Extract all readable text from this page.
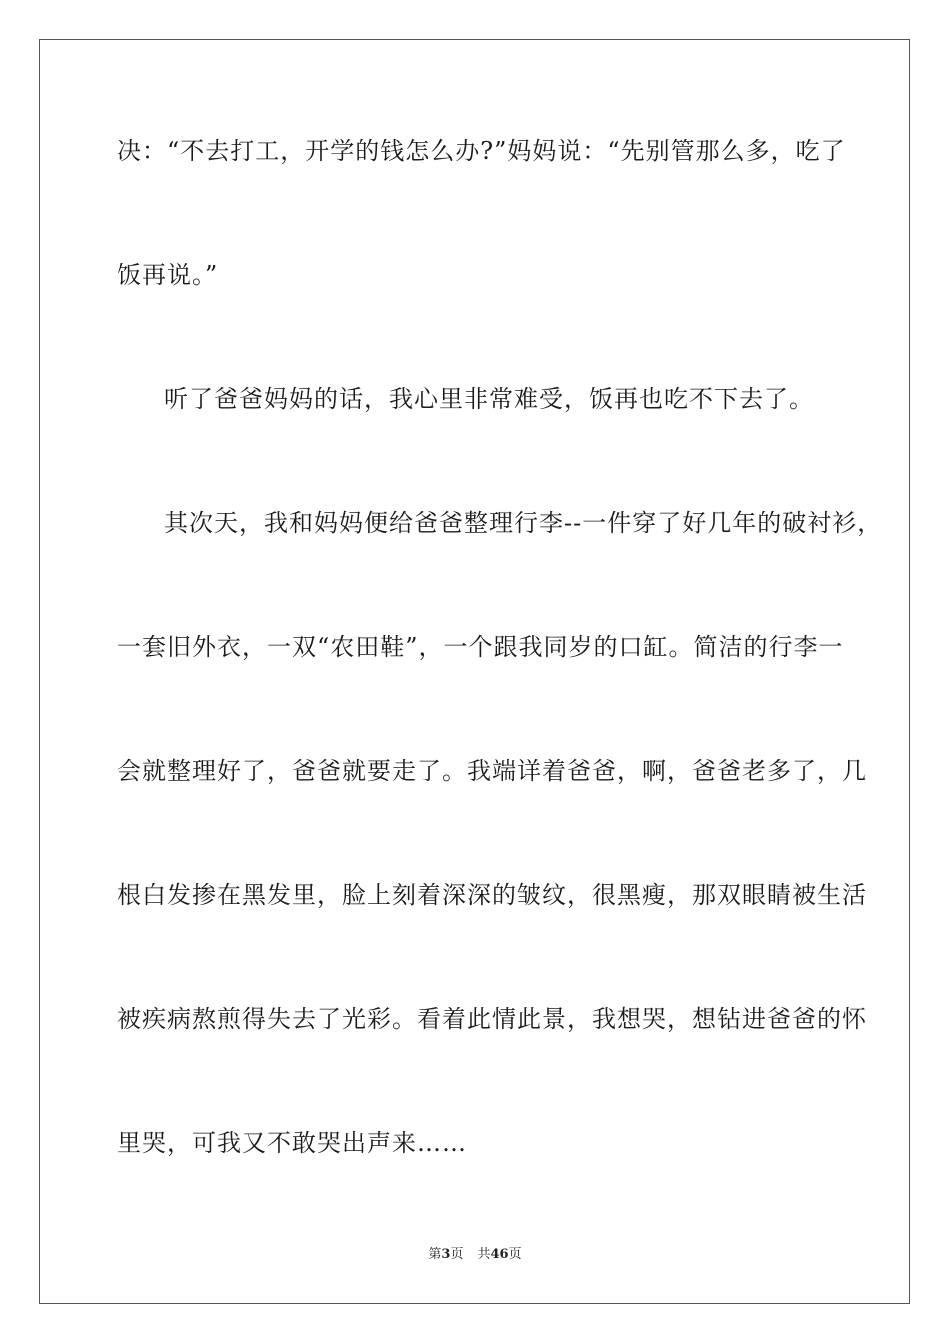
决：“不去打工，开学的钱怎么办?”妈妈说：“先别管那么多，吃了
饭再说。”
听了爸爸妈妈的话，我心里非常难受，饭再也吃不下去了。
其次天，我和妈妈便给爸爸整理行李--一件穿了好几年的破衬衫，
一套旧外衣，一双“农田鞋”，一个跟我同岁的口缸。简洁的行李一
会就整理好了，爸爸就要走了。我端详着爸爸，啊，爸爸老多了，几
根白发掺在黑发里，脸上刻着深深的皱纹，很黑瘦，那双眼睛被生活
被疾病熬煎得失去了光彩。看着此情此景，我想哭，想钻进爸爸的怀
里哭，可我又不敢哭出声来……
第3页 共46页
